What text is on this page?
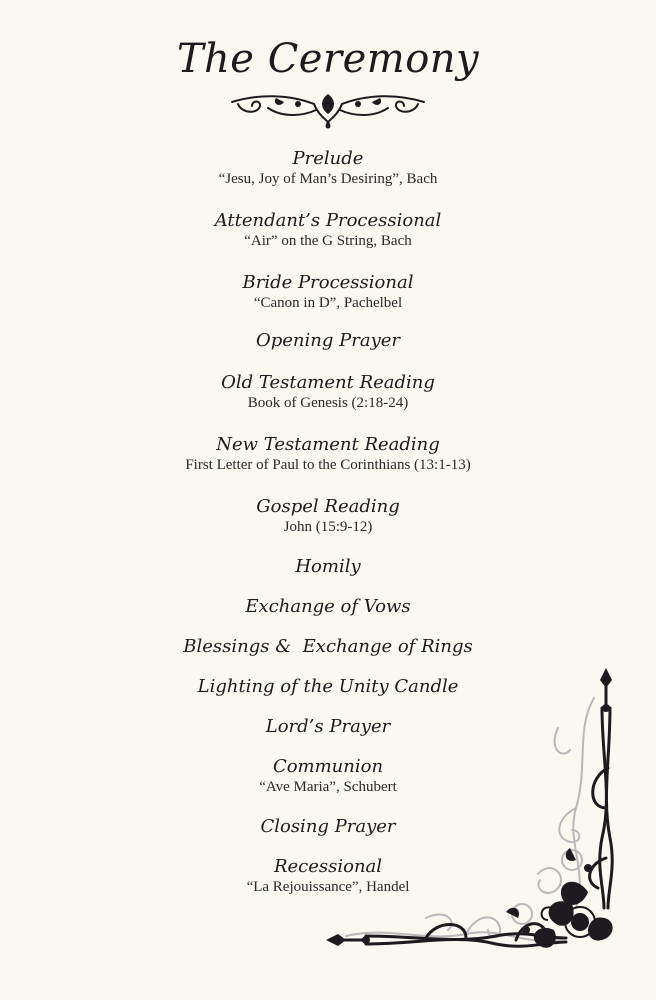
The Ceremony
Prelude
“Jesu, Joy of Man’s Desiring”, Bach
Attendant’s Processional
“Air” on the G String, Bach
Bride Processional
“Canon in D”, Pachelbel
Opening Prayer
Old Testament Reading
Book of Genesis (2:18-24)
New Testament Reading
First Letter of Paul to the Corinthians (13:1-13)
Gospel Reading
John (15:9-12)
Homily
Exchange of Vows
Blessings &  Exchange of Rings
Lighting of the Unity Candle
Lord’s Prayer
Communion
“Ave Maria”, Schubert
Closing Prayer
Recessional
“La Rejouissance”, Handel
